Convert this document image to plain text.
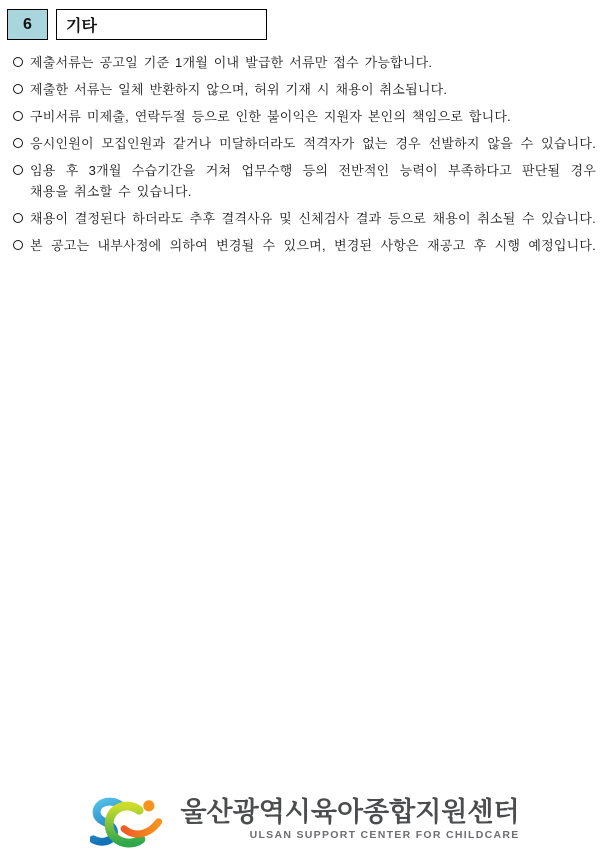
6 기타
제출서류는 공고일 기준 1개월 이내 발급한 서류만 접수 가능합니다.
제출한 서류는 일체 반환하지 않으며, 허위 기재 시 채용이 취소됩니다.
구비서류 미제출, 연락두절 등으로 인한 불이익은 지원자 본인의 책임으로 합니다.
응시인원이 모집인원과 같거나 미달하더라도 적격자가 없는 경우 선발하지 않을 수 있습니다.
임용 후 3개월 수습기간을 거쳐 업무수행 등의 전반적인 능력이 부족하다고 판단될 경우
채용을 취소할 수 있습니다.
채용이 결정된다 하더라도 추후 결격사유 및 신체검사 결과 등으로 채용이 취소될 수 있습니다.
본 공고는 내부사정에 의하여 변경될 수 있으며, 변경된 사항은 재공고 후 시행 예정입니다.
울산광역시육아종합지원센터
ULSAN SUPPORT CENTER FOR CHILDCARE
